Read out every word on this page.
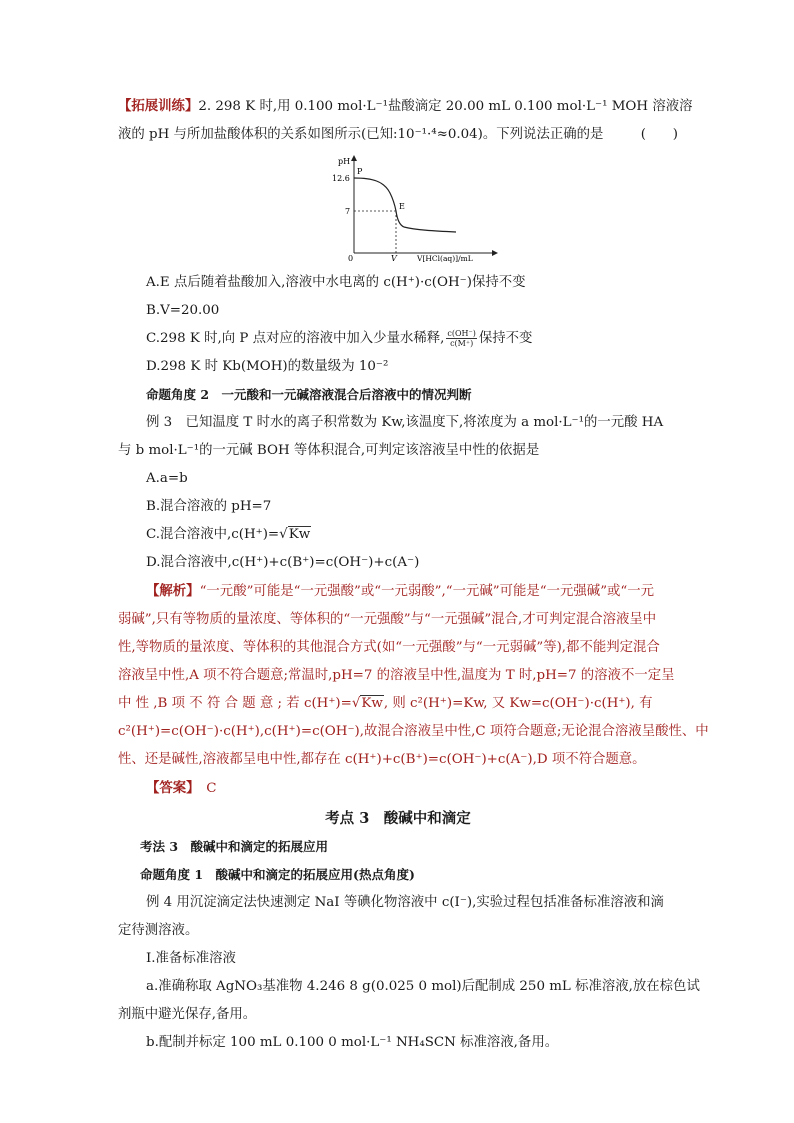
【拓展训练】2. 298 K 时,用 0.100 mol·L⁻¹盐酸滴定 20.00 mL 0.100 mol·L⁻¹ MOH 溶液溶

液的 pH 与所加盐酸体积的关系如图所示(已知:10⁻¹·⁴≈0.04)。下列说法正确的是	(　　)

pH
12.6
7
0	V	V[HCl(aq)]/mL
P
E

A.E 点后随着盐酸加入,溶液中水电离的 c(H⁺)·c(OH⁻)保持不变

B.V=20.00

C.298 K 时,向 P 点对应的溶液中加入少量水稀释, $\frac{c(OH^-)}{c(M^+)}$ 保持不变

D.298 K 时 Kb(MOH)的数量级为 10⁻²

命题角度 2　一元酸和一元碱溶液混合后溶液中的情况判断

例 3　已知温度 T 时水的离子积常数为 Kw,该温度下,将浓度为 a mol·L⁻¹的一元酸 HA

与 b mol·L⁻¹的一元碱 BOH 等体积混合,可判定该溶液呈中性的依据是

A.a=b

B.混合溶液的 pH=7

C.混合溶液中,c(H⁺)=√Kw

D.混合溶液中,c(H⁺)+c(B⁺)=c(OH⁻)+c(A⁻)

【解析】“一元酸”可能是“一元强酸”或“一元弱酸”,“一元碱”可能是“一元强碱”或“一元

弱碱”,只有等物质的量浓度、等体积的“一元强酸”与“一元强碱”混合,才可判定混合溶液呈中

性,等物质的量浓度、等体积的其他混合方式(如“一元强酸”与“一元弱碱”等),都不能判定混合

溶液呈中性,A 项不符合题意;常温时,pH=7 的溶液呈中性,温度为 T 时,pH=7 的溶液不一定呈

中 性 ,B 项 不 符 合 题 意 ; 若 c(H⁺)=√Kw, 则 c²(H⁺)=Kw, 又 Kw=c(OH⁻)·c(H⁺), 有

c²(H⁺)=c(OH⁻)·c(H⁺),c(H⁺)=c(OH⁻),故混合溶液呈中性,C 项符合题意;无论混合溶液呈酸性、中

性、还是碱性,溶液都呈电中性,都存在 c(H⁺)+c(B⁺)=c(OH⁻)+c(A⁻),D 项不符合题意。

【答案】　 C

考点 3　酸碱中和滴定

考法 3　酸碱中和滴定的拓展应用

命题角度 1　酸碱中和滴定的拓展应用(热点角度)

例 4 用沉淀滴定法快速测定 NaI 等碘化物溶液中 c(I⁻),实验过程包括准备标准溶液和滴

定待测溶液。

Ⅰ.准备标准溶液

a.准确称取 AgNO₃基准物 4.246 8 g(0.025 0 mol)后配制成 250 mL 标准溶液,放在棕色试

剂瓶中避光保存,备用。

b.配制并标定 100 mL 0.100 0 mol·L⁻¹ NH₄SCN 标准溶液,备用。
